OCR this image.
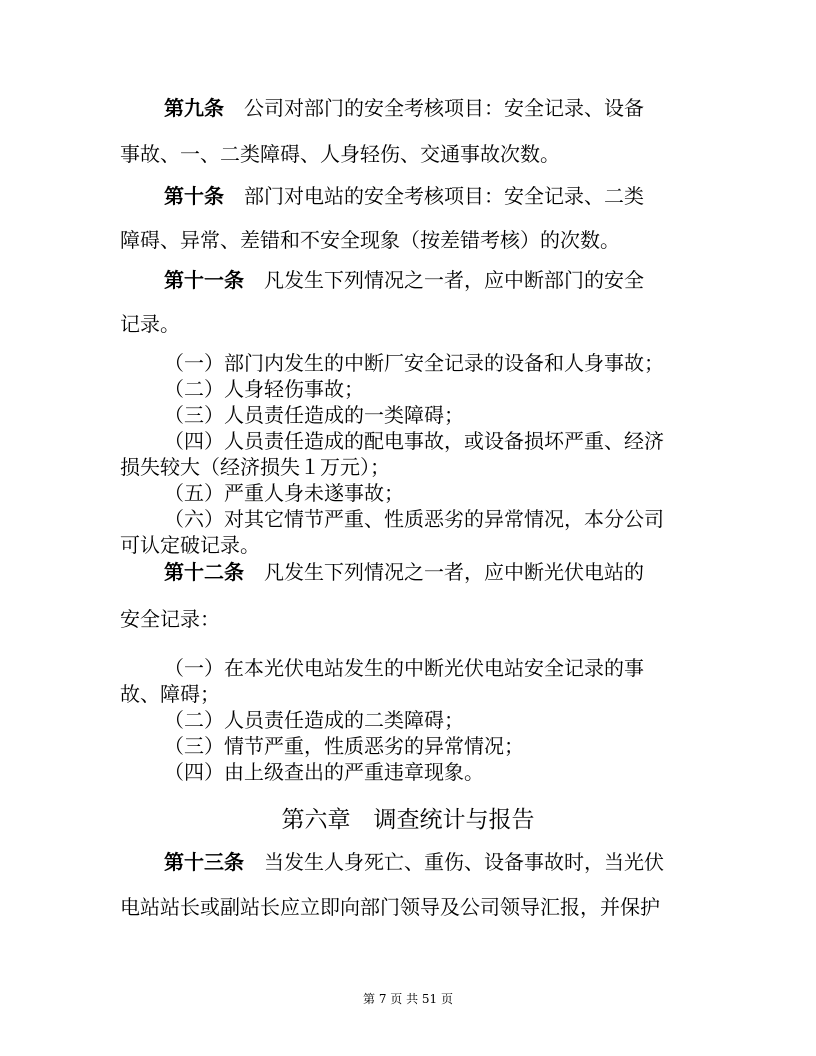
第九条　 公司对部门的安全考核项目：安全记录、设备
事故、一、二类障碍、人身轻伤、交通事故次数。
第十条　 部门对电站的安全考核项目：安全记录、二类
障碍、异常、差错和不安全现象（按差错考核）的次数。
第十一条　 凡发生下列情况之一者，应中断部门的安全
记录。
（一）部门内发生的中断厂安全记录的设备和人身事故；
（二）人身轻伤事故；
（三）人员责任造成的一类障碍；
（四）人员责任造成的配电事故，或设备损坏严重、经济
损失较大（经济损失１万元）；
（五）严重人身未遂事故；
（六）对其它情节严重、性质恶劣的异常情况，本分公司
可认定破记录。
第十二条　 凡发生下列情况之一者，应中断光伏电站的
安全记录：
（一）在本光伏电站发生的中断光伏电站安全记录的事
故、障碍；
（二）人员责任造成的二类障碍；
（三）情节严重，性质恶劣的异常情况；
（四）由上级查出的严重违章现象。
第六章　调查统计与报告
第十三条　 当发生人身死亡、重伤、设备事故时，当光伏
电站站长或副站长应立即向部门领导及公司领导汇报，并保护
第 7 页 共 51 页
